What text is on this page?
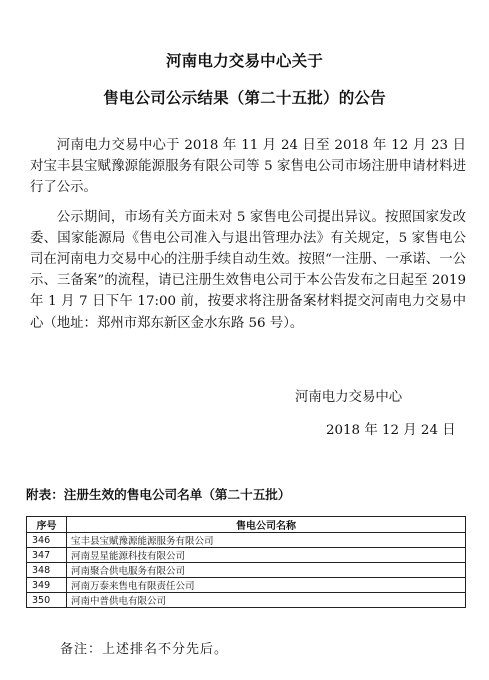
河南电力交易中心关于
售电公司公示结果（第二十五批）的公告

河南电力交易中心于 2018 年 11 月 24 日至 2018 年 12 月 23 日对宝丰县宝赋豫源能源服务有限公司等 5 家售电公司市场注册申请材料进行了公示。

公示期间，市场有关方面未对 5 家售电公司提出异议。按照国家发改委、国家能源局《售电公司准入与退出管理办法》有关规定，5 家售电公司在河南电力交易中心的注册手续自动生效。按照“一注册、一承诺、一公示、三备案”的流程，请已注册生效售电公司于本公告发布之日起至 2019 年 1 月 7 日下午 17:00 前，按要求将注册备案材料提交河南电力交易中心（地址：郑州市郑东新区金水东路 56 号）。

河南电力交易中心
2018 年 12 月 24 日
附表：注册生效的售电公司名单（第二十五批）
序号	售电公司名称
346	宝丰县宝赋豫源能源服务有限公司
347	河南昱星能源科技有限公司
348	河南聚合供电服务有限公司
349	河南万泰来售电有限责任公司
350	河南中普供电有限公司
备注：上述排名不分先后。
